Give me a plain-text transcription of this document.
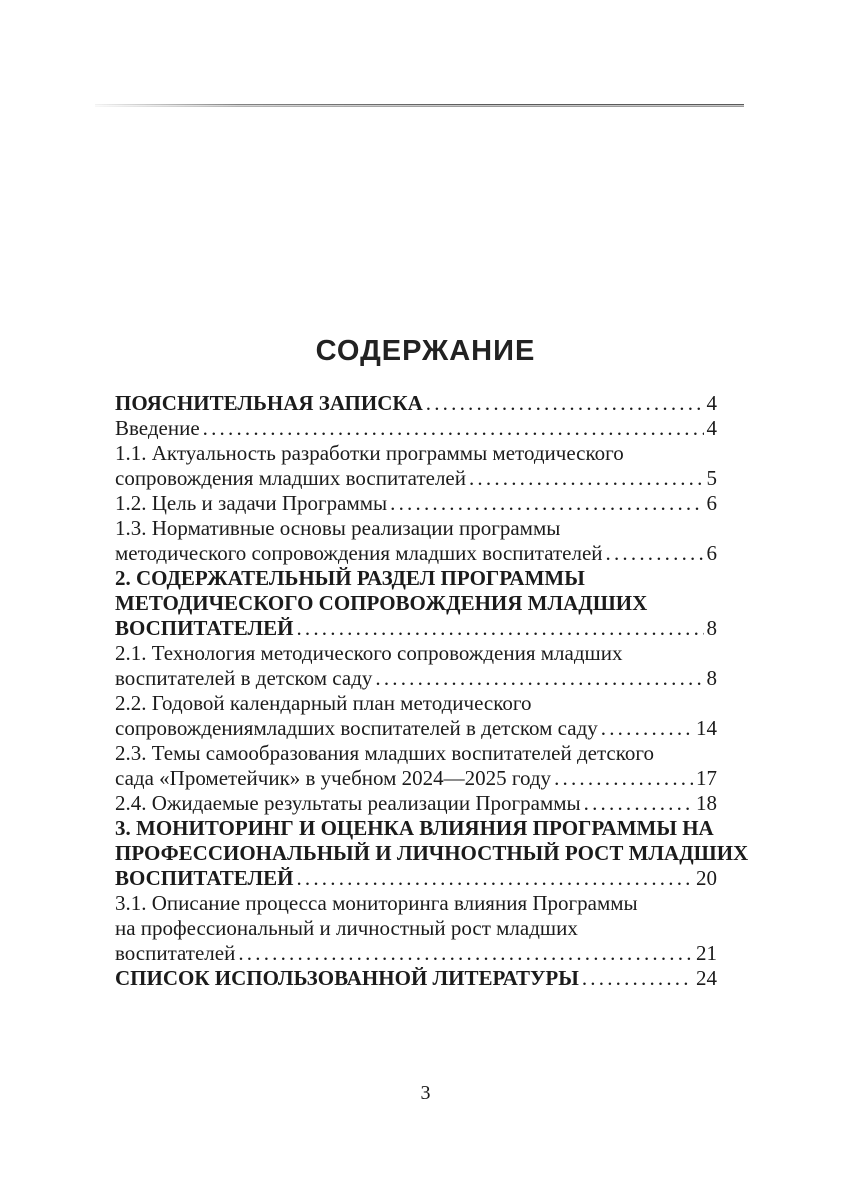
СОДЕРЖАНИЕ
ПОЯСНИТЕЛЬНАЯ ЗАПИСКА .....	4
Введение .....	4
1.1. Актуальность разработки программы методического
сопровождения младших воспитателей .....	5
1.2. Цель и задачи Программы .....	6
1.3. Нормативные основы реализации программы
методического сопровождения младших воспитателей .....	6
2. СОДЕРЖАТЕЛЬНЫЙ РАЗДЕЛ ПРОГРАММЫ
МЕТОДИЧЕСКОГО СОПРОВОЖДЕНИЯ МЛАДШИХ
ВОСПИТАТЕЛЕЙ .....	8
2.1. Технология методического сопровождения младших
воспитателей в детском саду .....	8
2.2. Годовой календарный план методического
сопровождениямладших воспитателей в детском саду .....	14
2.3. Темы самообразования младших воспитателей детского
сада «Прометейчик» в учебном 2024—2025 году .....	17
2.4. Ожидаемые результаты реализации Программы .....	18
3. МОНИТОРИНГ И ОЦЕНКА ВЛИЯНИЯ ПРОГРАММЫ НА
ПРОФЕССИОНАЛЬНЫЙ И ЛИЧНОСТНЫЙ РОСТ МЛАДШИХ
ВОСПИТАТЕЛЕЙ .....	20
3.1. Описание процесса мониторинга влияния Программы
на профессиональный и личностный рост младших
воспитателей .....	21
СПИСОК ИСПОЛЬЗОВАННОЙ ЛИТЕРАТУРЫ .....	24
3
